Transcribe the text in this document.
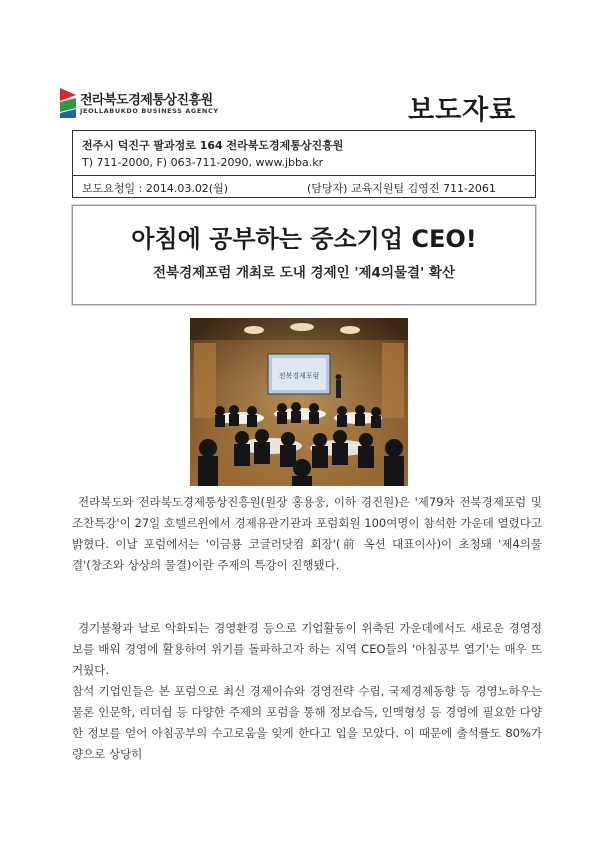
전라북도경제통상진흥원
JEOLLABUKDO BUSINESS AGENCY	보도자료
전주시 덕진구 팔과정로 164 전라북도경제통상진흥원
T) 711-2000, F) 063-711-2090, www.jbba.kr
보도요청일 : 2014.03.02(월)	(담당자) 교육지원팀 김영진 711-2061
아침에 공부하는 중소기업 CEO!
전북경제포럼 개최로 도내 경제인 '제4의물결' 확산
전북경제포럼

전라북도와 전라북도경제통상진흥원(원장 홍용웅, 이하 경진원)은 '제79차 전북경제포럼 및 조찬특강'이 27일 호텔르윈에서 경제유관기관과 포럼회원 100여명이 참석한 가운데 열렸다고 밝혔다. 이날 포럼에서는 '이금룡 코글러닷컴 회장'(前 옥션 대표이사)이 초청돼 '제4의물결'(창조와 상상의 물결)이란 주제의 특강이 진행됐다.

경기불황과 날로 악화되는 경영환경 등으로 기업활동이 위축된 가운데에서도 새로운 경영정보를 배워 경영에 활용하여 위기를 돌파하고자 하는 지역 CEO들의 '아침공부 열기'는 매우 뜨거웠다.

참석 기업인들은 본 포럼으로 최신 경제이슈와 경영전략 수립, 국제경제동향 등 경영노하우는 물론 인문학, 리더쉽 등 다양한 주제의 포럼을 통해 정보습득, 인맥형성 등 경영에 필요한 다양한 정보를 얻어 아침공부의 수고로움을 잊게 한다고 입을 모았다. 이 때문에 출석률도 80%가량으로 상당히
